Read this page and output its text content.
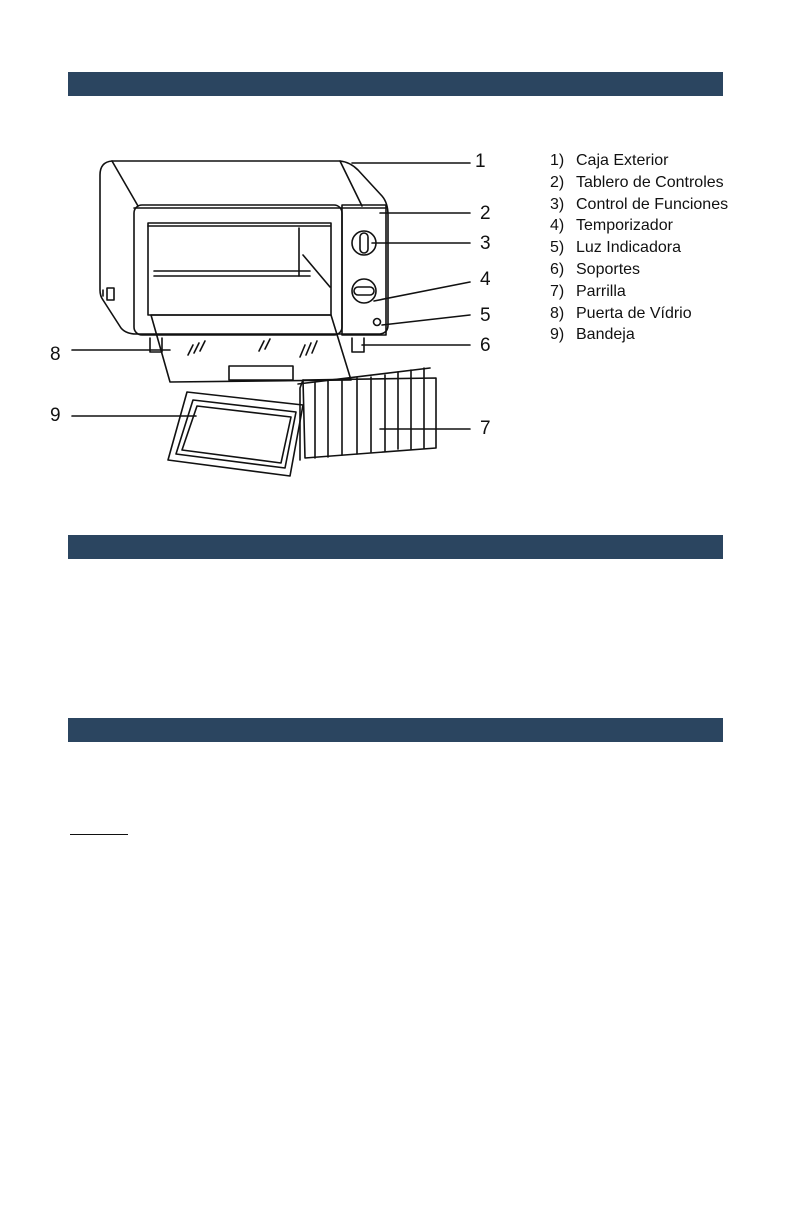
1
2
3
4
5
6
7
8
9
1) Caja Exterior
2) Tablero de Controles
3) Control de Funciones
4) Temporizador
5) Luz Indicadora
6) Soportes
7) Parrilla
8) Puerta de Vídrio
9) Bandeja
